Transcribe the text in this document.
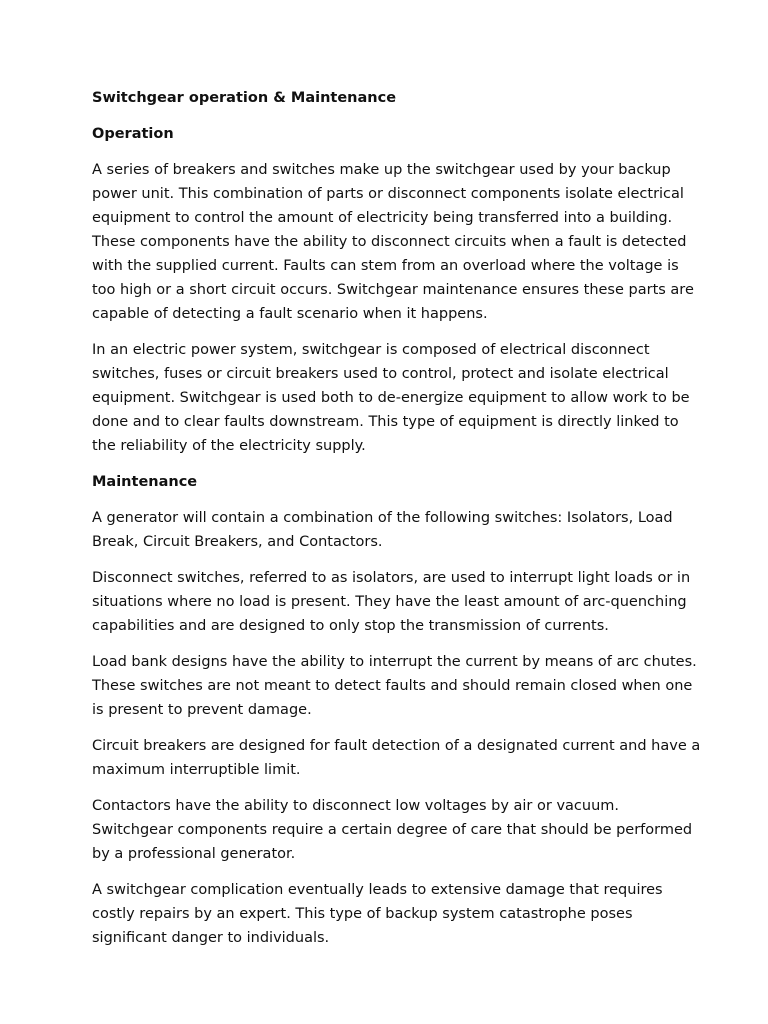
Switchgear operation & Maintenance
Operation

A series of breakers and switches make up the switchgear used by your backup power unit. This combination of parts or disconnect components isolate electrical equipment to control the amount of electricity being transferred into a building. These components have the ability to disconnect circuits when a fault is detected with the supplied current. Faults can stem from an overload where the voltage is too high or a short circuit occurs. Switchgear maintenance ensures these parts are capable of detecting a fault scenario when it happens.

In an electric power system, switchgear is composed of electrical disconnect switches, fuses or circuit breakers used to control, protect and isolate electrical equipment. Switchgear is used both to de-energize equipment to allow work to be done and to clear faults downstream. This type of equipment is directly linked to the reliability of the electricity supply.

Maintenance

A generator will contain a combination of the following switches: Isolators, Load Break, Circuit Breakers, and Contactors.

Disconnect switches, referred to as isolators, are used to interrupt light loads or in situations where no load is present. They have the least amount of arc-quenching capabilities and are designed to only stop the transmission of currents.

Load bank designs have the ability to interrupt the current by means of arc chutes. These switches are not meant to detect faults and should remain closed when one is present to prevent damage.

Circuit breakers are designed for fault detection of a designated current and have a maximum interruptible limit.

Contactors have the ability to disconnect low voltages by air or vacuum. Switchgear components require a certain degree of care that should be performed by a professional generator.

A switchgear complication eventually leads to extensive damage that requires costly repairs by an expert. This type of backup system catastrophe poses significant danger to individuals.
